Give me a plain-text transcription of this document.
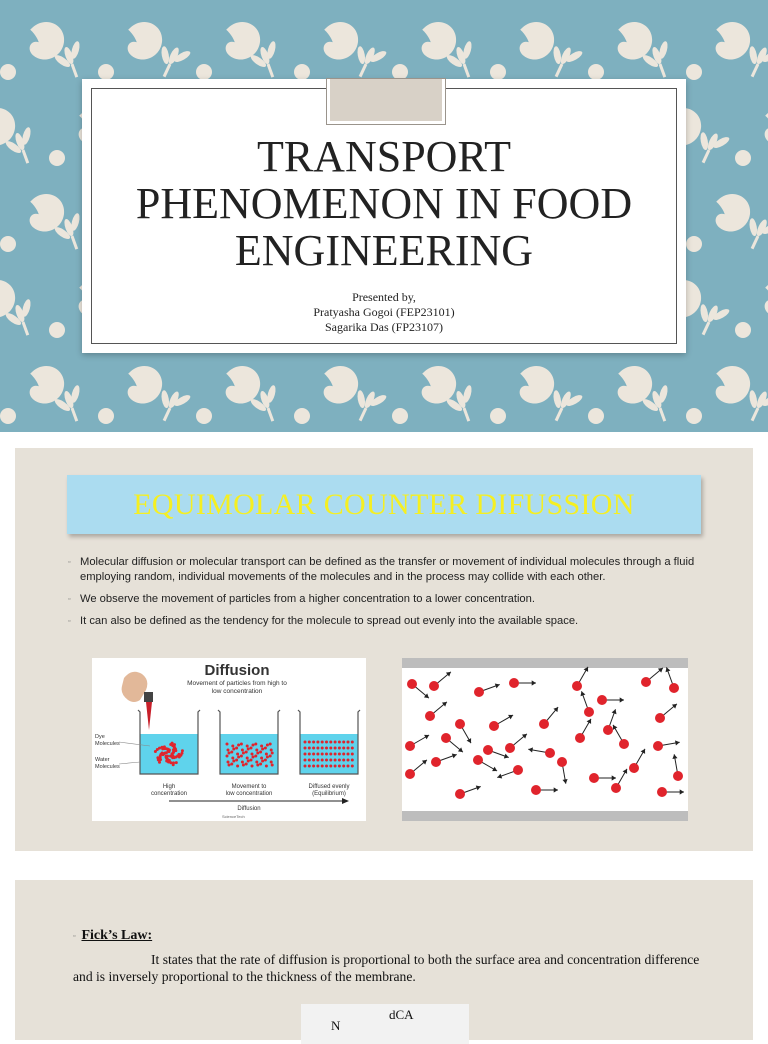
TRANSPORT
PHENOMENON IN FOOD
ENGINEERING
Presented by,
Pratyasha Gogoi (FEP23101)
Sagarika Das (FP23107)
EQUIMOLAR COUNTER DIFUSSION
▫ Molecular diffusion or molecular transport can be defined as the transfer or movement of individual molecules through a fluid employing random, individual movements of the molecules and in the process may collide with each other.
▫ We observe the movement of particles from a higher concentration to a lower concentration.
▫ It can also be defined as the tendency for the molecule to spread out evenly into the available space.
Diffusion
Movement of particles from high to
low concentration
Dye
Molecules
Water
Molecules
High
concentration
Movement to
low concentration
Diffused evenly
(Equilibrium)
Diffusion
ScienceTech
▫ Fick’s Law:
It states that the rate of diffusion is proportional to both the surface area and concentration difference and is inversely proportional to the thickness of the membrane.
dCA
N
